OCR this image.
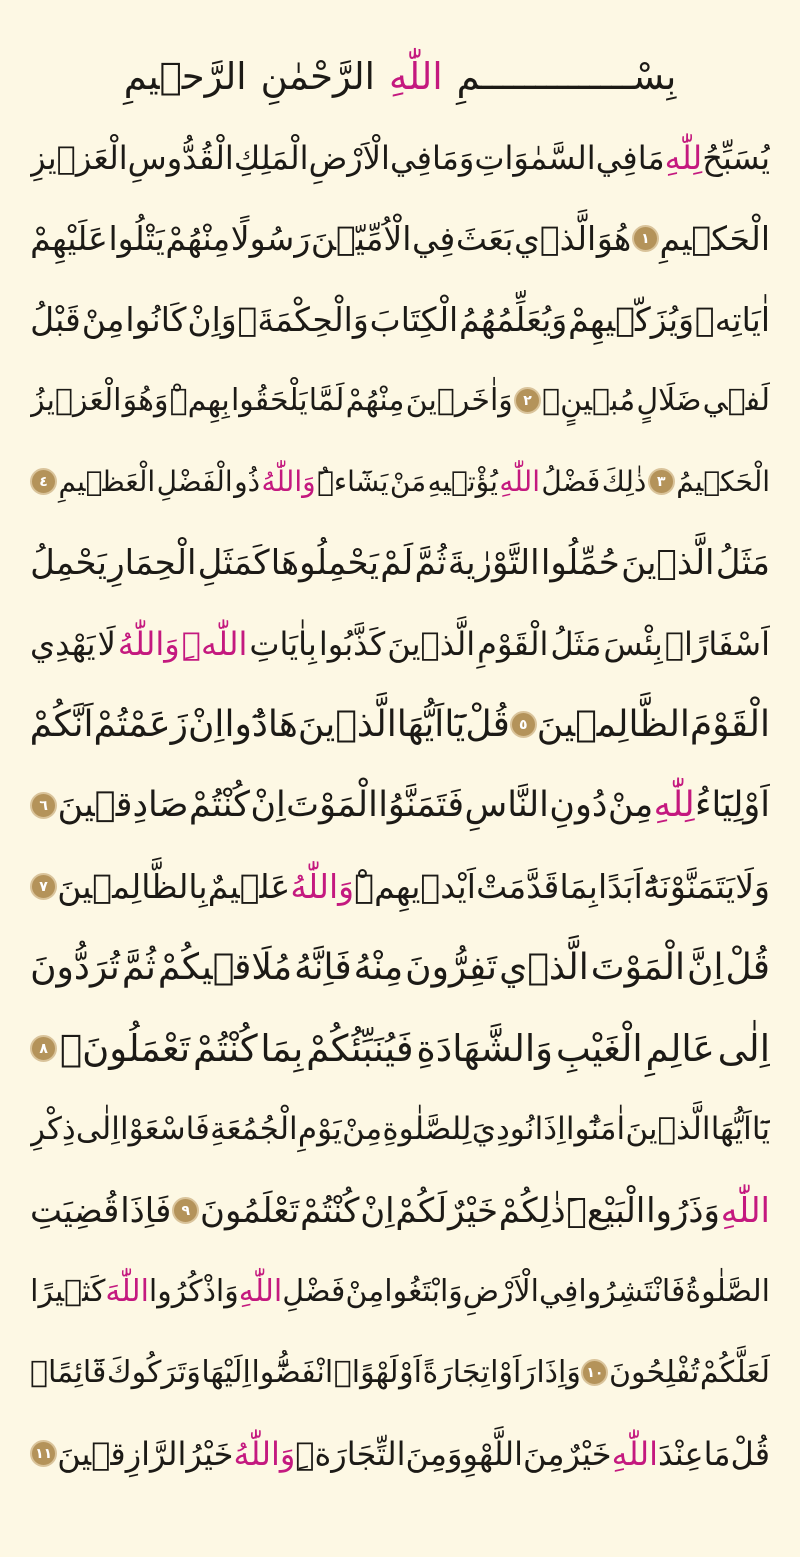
بِسْــــــــــــــمِ
اللّٰهِ
الرَّحْمٰنِ
الرَّح۪يمِ
يُسَبِّحُ
لِلّٰهِ
مَا
فِي
السَّمٰوَاتِ
وَمَا
فِي
الْاَرْضِ
الْمَلِكِ
الْقُدُّوسِ
الْعَز۪يزِ
الْحَك۪يمِ
١
هُوَ
الَّذ۪ي
بَعَثَ
فِي
الْاُمِّيّ۪نَ
رَسُولًا
مِنْهُمْ
يَتْلُوا
عَلَيْهِمْ
اٰيَاتِه۪
وَيُزَكّ۪يهِمْ
وَيُعَلِّمُهُمُ
الْكِتَابَ
وَالْحِكْمَةَۗ
وَاِنْ
كَانُوا
مِنْ
قَبْلُ
لَف۪ي
ضَلَالٍ
مُب۪ينٍۙ
٢
وَاٰخَر۪ينَ
مِنْهُمْ
لَمَّا
يَلْحَقُوا
بِهِمْۜ
وَهُوَ
الْعَز۪يزُ
الْحَك۪يمُ
٣
ذٰلِكَ
فَضْلُ
اللّٰهِ
يُؤْت۪يهِ
مَنْ
يَشَٓاءُۜ
وَاللّٰهُ
ذُو
الْفَضْلِ
الْعَظ۪يمِ
٤
مَثَلُ
الَّذ۪ينَ
حُمِّلُوا
التَّوْرٰيةَ
ثُمَّ
لَمْ
يَحْمِلُوهَا
كَمَثَلِ
الْحِمَارِ
يَحْمِلُ
اَسْفَارًاۜ
بِئْسَ
مَثَلُ
الْقَوْمِ
الَّذ۪ينَ
كَذَّبُوا
بِاٰيَاتِ
اللّٰهِۜ
وَاللّٰهُ
لَا
يَهْدِي
الْقَوْمَ
الظَّالِم۪ينَ
٥
قُلْ
يَٓا
اَيُّهَا
الَّذ۪ينَ
هَادُٓوا
اِنْ
زَعَمْتُمْ
اَنَّكُمْ
اَوْلِيَٓاءُ
لِلّٰهِ
مِنْ
دُونِ
النَّاسِ
فَتَمَنَّوُا
الْمَوْتَ
اِنْ
كُنْتُمْ
صَادِق۪ينَ
٦
وَلَا
يَتَمَنَّوْنَهُٓ
اَبَدًا
بِمَا
قَدَّمَتْ
اَيْد۪يهِمْۜ
وَاللّٰهُ
عَل۪يمٌ
بِالظَّالِم۪ينَ
٧
قُلْ
اِنَّ
الْمَوْتَ
الَّذ۪ي
تَفِرُّونَ
مِنْهُ
فَاِنَّهُ
مُلَاق۪يكُمْ
ثُمَّ
تُرَدُّونَ
اِلٰى
عَالِمِ
الْغَيْبِ
وَالشَّهَادَةِ
فَيُنَبِّئُكُمْ
بِمَا
كُنْتُمْ
تَعْمَلُونَ۟
٨
يَٓا
اَيُّهَا
الَّذ۪ينَ
اٰمَنُٓوا
اِذَا
نُودِيَ
لِلصَّلٰوةِ
مِنْ
يَوْمِ
الْجُمُعَةِ
فَاسْعَوْا
اِلٰى
ذِكْرِ
اللّٰهِ
وَذَرُوا
الْبَيْعَۜ
ذٰلِكُمْ
خَيْرٌ
لَكُمْ
اِنْ
كُنْتُمْ
تَعْلَمُونَ
٩
فَاِذَا
قُضِيَتِ
الصَّلٰوةُ
فَانْتَشِرُوا
فِي
الْاَرْضِ
وَابْتَغُوا
مِنْ
فَضْلِ
اللّٰهِ
وَاذْكُرُوا
اللّٰهَ
كَث۪يرًا
لَعَلَّكُمْ
تُفْلِحُونَ
١٠
وَاِذَا
رَاَوْا
تِجَارَةً
اَوْ
لَهْوًاۨ
انْفَضُّٓوا
اِلَيْهَا
وَتَرَكُوكَ
قَٓائِمًاۜ
قُلْ
مَا
عِنْدَ
اللّٰهِ
خَيْرٌ
مِنَ
اللَّهْوِ
وَمِنَ
التِّجَارَةِۜ
وَاللّٰهُ
خَيْرُ
الرَّازِق۪ينَ
١١
